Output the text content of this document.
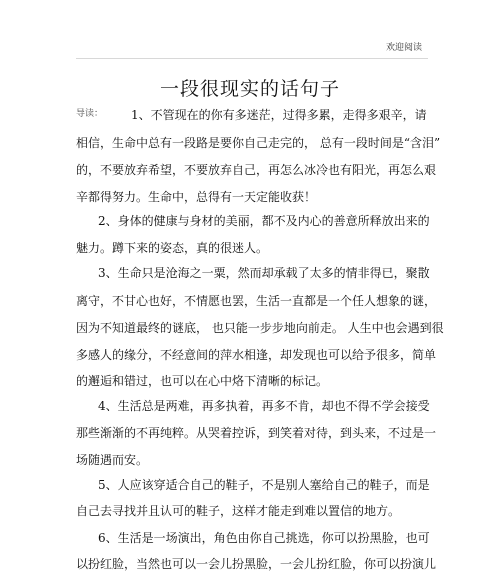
欢迎阅读
一段很现实的话句子
导读： 1、不管现在的你有多迷茫，过得多累，走得多艰辛，请
相信，生命中总有一段路是要你自己走完的， 总有一段时间是“含泪”
的，不要放弃希望，不要放弃自己，再怎么冰冷也有阳光，再怎么艰
辛都得努力。生命中，总得有一天定能收获！
2、身体的健康与身材的美丽，都不及内心的善意所释放出来的
魅力。蹲下来的姿态，真的很迷人。
3、生命只是沧海之一粟，然而却承载了太多的情非得已，聚散
离守，不甘心也好，不情愿也罢，生活一直都是一个任人想象的谜，
因为不知道最终的谜底， 也只能一步步地向前走。 人生中也会遇到很
多感人的缘分，不经意间的萍水相逢，却发现也可以给予很多，简单
的邂逅和错过，也可以在心中烙下清晰的标记。
4、生活总是两难，再多执着，再多不肯，却也不得不学会接受
那些渐渐的不再纯粹。从哭着控诉，到笑着对待，到头来，不过是一
场随遇而安。
5、人应该穿适合自己的鞋子，不是别人塞给自己的鞋子，而是
自己去寻找并且认可的鞋子，这样才能走到难以置信的地方。
6、生活是一场演出，角色由你自己挑选，你可以扮黑脸，也可
以扮红脸，当然也可以一会儿扮黑脸，一会儿扮红脸，你可以扮演儿
